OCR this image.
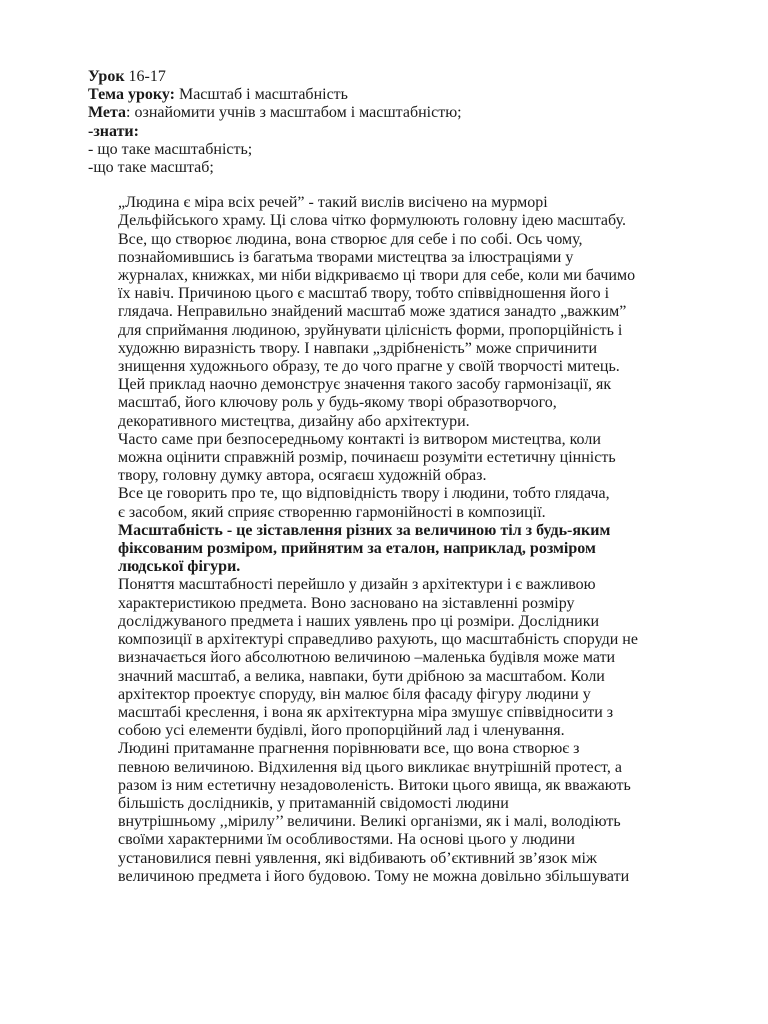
Урок 16-17

Тема уроку: Масштаб і масштабність

Мета: ознайомити учнів з масштабом і масштабністю;

-знати:

- що таке масштабність;

-що таке масштаб;

„Людина є міра всіх речей” - такий вислів висічено на мурморі
Дельфійського храму. Ці слова чітко формулюють головну ідею масштабу.
Все, що створює людина, вона створює для себе і по собі. Ось чому,
познайомившись із багатьма творами мистецтва за ілюстраціями у
журналах, книжках, ми ніби відкриваємо ці твори для себе, коли ми бачимо
їх навіч. Причиною цього є масштаб твору, тобто співвідношення його і
глядача. Неправильно знайдений масштаб може здатися занадто „важким”
для сприймання людиною, зруйнувати цілісність форми, пропорційність і
художню виразність твору. І навпаки „здрібненість” може спричинити
знищення художнього образу, те до чого прагне у своїй творчості митець.
Цей приклад наочно демонструє значення такого засобу гармонізації, як
масштаб, його ключову роль у будь-якому творі образотворчого,
декоративного мистецтва, дизайну або архітектури.

Часто саме при безпосередньому контакті із витвором мистецтва, коли
можна оцінити справжній розмір, починаєш розуміти естетичну цінність
твору, головну думку автора, осягаєш художній образ.

Все це говорить про те, що відповідність твору і людини, тобто глядача,
є засобом, який сприяє створенню гармонійності в композиції.

Масштабність - це зіставлення різних за величиною тіл з будь-яким
фіксованим розміром, прийнятим за еталон, наприклад, розміром
людської фігури.

Поняття масштабності перейшло у дизайн з архітектури і є важливою
характеристикою предмета. Воно засновано на зіставленні розміру
досліджуваного предмета і наших уявлень про ці розміри. Дослідники
композиції в архітектурі справедливо рахують, що масштабність споруди не
визначається його абсолютною величиною –маленька будівля може мати
значний масштаб, а велика, навпаки, бути дрібною за масштабом. Коли
архітектор проектує споруду, він малює біля фасаду фігуру людини у
масштабі креслення, і вона як архітектурна міра змушує співвідносити з
собою усі елементи будівлі, його пропорційний лад і членування.

Людині притаманне прагнення порівнювати все, що вона створює з
певною величиною. Відхилення від цього викликає внутрішній протест, а
разом із ним естетичну незадоволеність. Витоки цього явища, як вважають
більшість дослідників, у притаманній свідомості людини
внутрішньому ,,мірилу’’ величини. Великі організми, як і малі, володіють
своїми характерними їм особливостями. На основі цього у людини
установилися певні уявлення, які відбивають об’єктивний зв’язок між
величиною предмета і його будовою. Тому не можна довільно збільшувати
